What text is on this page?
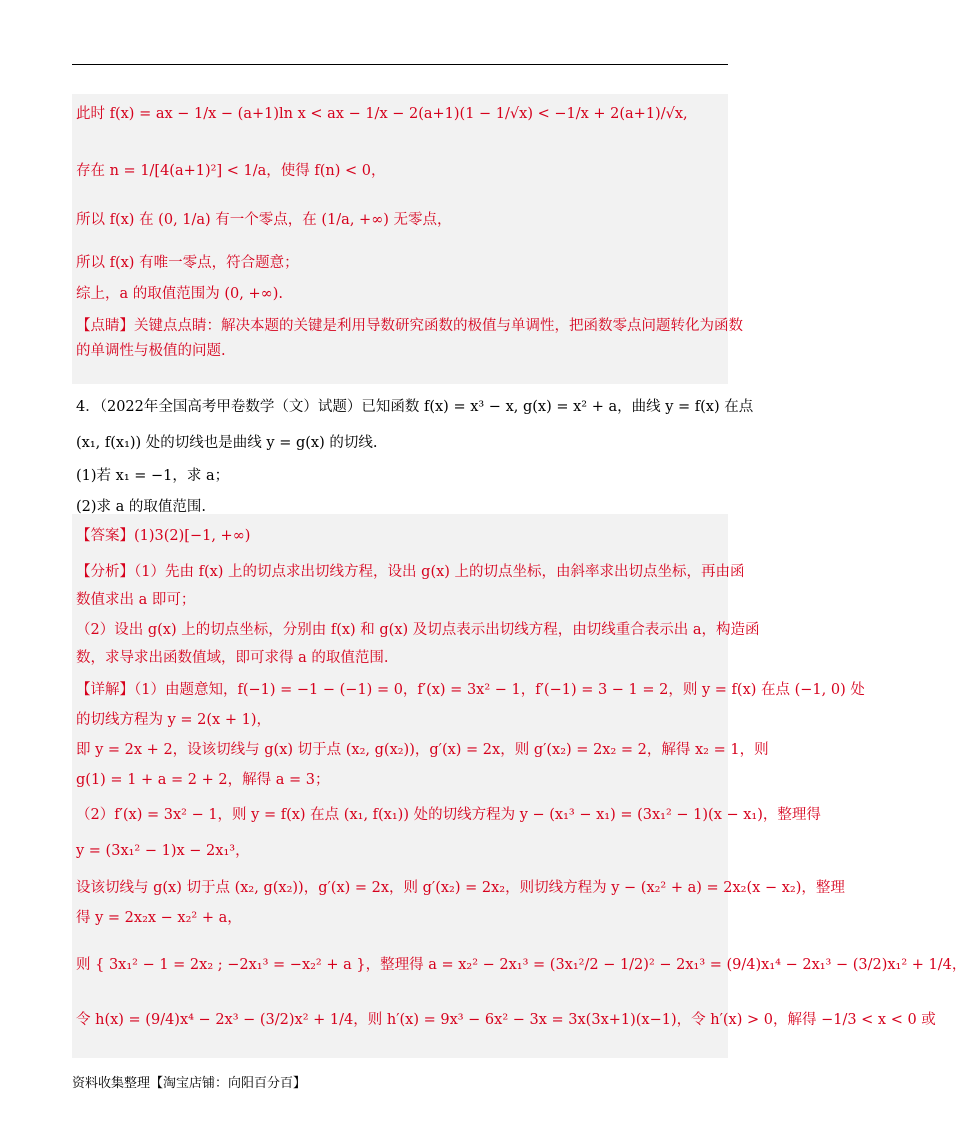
此时 f(x) = ax − 1/x − (a+1)ln x < ax − 1/x − 2(a+1)(1 − 1/√x) < −1/x + 2(a+1)/√x,
存在 n = 1/[4(a+1)²] < 1/a，使得 f(n) < 0，
所以 f(x) 在 (0, 1/a) 有一个零点，在 (1/a, +∞) 无零点，
所以 f(x) 有唯一零点，符合题意；
综上，a 的取值范围为 (0, +∞).
【点睛】关键点点睛：解决本题的关键是利用导数研究函数的极值与单调性，把函数零点问题转化为函数
的单调性与极值的问题.
4．（2022年全国高考甲卷数学（文）试题）已知函数 f(x) = x³ − x, g(x) = x² + a，曲线 y = f(x) 在点
(x₁, f(x₁)) 处的切线也是曲线 y = g(x) 的切线.
(1)若 x₁ = −1，求 a；
(2)求 a 的取值范围.
【答案】(1)3(2)[−1, +∞)
【分析】（1）先由 f(x) 上的切点求出切线方程，设出 g(x) 上的切点坐标，由斜率求出切点坐标，再由函
数值求出 a 即可；
（2）设出 g(x) 上的切点坐标，分别由 f(x) 和 g(x) 及切点表示出切线方程，由切线重合表示出 a，构造函
数，求导求出函数值域，即可求得 a 的取值范围.
【详解】（1）由题意知，f(−1) = −1 − (−1) = 0，f′(x) = 3x² − 1，f′(−1) = 3 − 1 = 2，则 y = f(x) 在点 (−1, 0) 处
的切线方程为 y = 2(x + 1)，
即 y = 2x + 2，设该切线与 g(x) 切于点 (x₂, g(x₂))，g′(x) = 2x，则 g′(x₂) = 2x₂ = 2，解得 x₂ = 1，则
g(1) = 1 + a = 2 + 2，解得 a = 3；
（2）f′(x) = 3x² − 1，则 y = f(x) 在点 (x₁, f(x₁)) 处的切线方程为 y − (x₁³ − x₁) = (3x₁² − 1)(x − x₁)，整理得
y = (3x₁² − 1)x − 2x₁³，
设该切线与 g(x) 切于点 (x₂, g(x₂))，g′(x) = 2x，则 g′(x₂) = 2x₂，则切线方程为 y − (x₂² + a) = 2x₂(x − x₂)，整理
得 y = 2x₂x − x₂² + a，
则 { 3x₁² − 1 = 2x₂ ; −2x₁³ = −x₂² + a }，整理得 a = x₂² − 2x₁³ = (3x₁²/2 − 1/2)² − 2x₁³ = (9/4)x₁⁴ − 2x₁³ − (3/2)x₁² + 1/4，
令 h(x) = (9/4)x⁴ − 2x³ − (3/2)x² + 1/4，则 h′(x) = 9x³ − 6x² − 3x = 3x(3x+1)(x−1)，令 h′(x) > 0，解得 −1/3 < x < 0 或
资料收集整理【淘宝店铺：向阳百分百】
